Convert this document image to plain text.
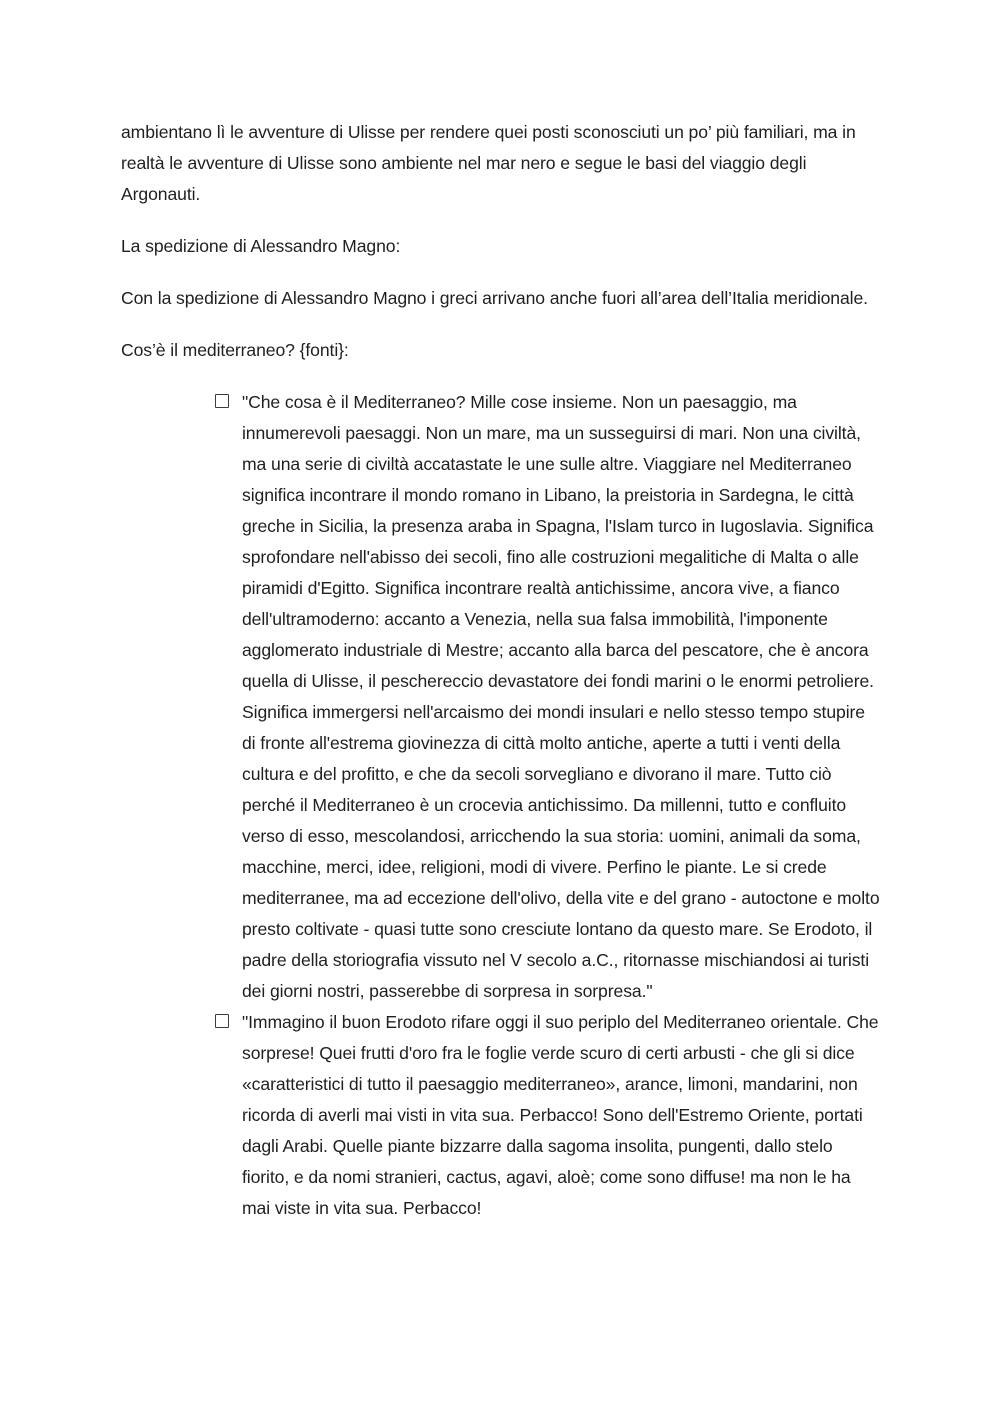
ambientano lì le avventure di Ulisse per rendere quei posti sconosciuti un po’ più familiari, ma in realtà le avventure di Ulisse sono ambiente nel mar nero e segue le basi del viaggio degli Argonauti.

La spedizione di Alessandro Magno:

Con la spedizione di Alessandro Magno i greci arrivano anche fuori all’area dell’Italia meridionale.

Cos’è il mediterraneo? {fonti}:

"Che cosa è il Mediterraneo? Mille cose insieme. Non un paesaggio, ma innumerevoli paesaggi. Non un mare, ma un susseguirsi di mari. Non una civiltà, ma una serie di civiltà accatastate le une sulle altre. Viaggiare nel Mediterraneo significa incontrare il mondo romano in Libano, la preistoria in Sardegna, le città greche in Sicilia, la presenza araba in Spagna, l'Islam turco in Iugoslavia. Significa sprofondare nell'abisso dei secoli, fino alle costruzioni megalitiche di Malta o alle piramidi d'Egitto. Significa incontrare realtà antichissime, ancora vive, a fianco dell'ultramoderno: accanto a Venezia, nella sua falsa immobilità, l'imponente agglomerato industriale di Mestre; accanto alla barca del pescatore, che è ancora quella di Ulisse, il peschereccio devastatore dei fondi marini o le enormi petroliere. Significa immergersi nell'arcaismo dei mondi insulari e nello stesso tempo stupire di fronte all'estrema giovinezza di città molto antiche, aperte a tutti i venti della cultura e del profitto, e che da secoli sorvegliano e divorano il mare. Tutto ciò perché il Mediterraneo è un crocevia antichissimo. Da millenni, tutto e confluito verso di esso, mescolandosi, arricchendo la sua storia: uomini, animali da soma, macchine, merci, idee, religioni, modi di vivere. Perfino le piante. Le si crede mediterranee, ma ad eccezione dell'olivo, della vite e del grano - autoctone e molto presto coltivate - quasi tutte sono cresciute lontano da questo mare. Se Erodoto, il padre della storiografia vissuto nel V secolo a.C., ritornasse mischiandosi ai turisti dei giorni nostri, passerebbe di sorpresa in sorpresa."
"Immagino il buon Erodoto rifare oggi il suo periplo del Mediterraneo orientale. Che sorprese! Quei frutti d'oro fra le foglie verde scuro di certi arbusti - che gli si dice «caratteristici di tutto il paesaggio mediterraneo», arance, limoni, mandarini, non ricorda di averli mai visti in vita sua. Perbacco! Sono dell'Estremo Oriente, portati dagli Arabi. Quelle piante bizzarre dalla sagoma insolita, pungenti, dallo stelo fiorito, e da nomi stranieri, cactus, agavi, aloè; come sono diffuse! ma non le ha mai viste in vita sua. Perbacco!
